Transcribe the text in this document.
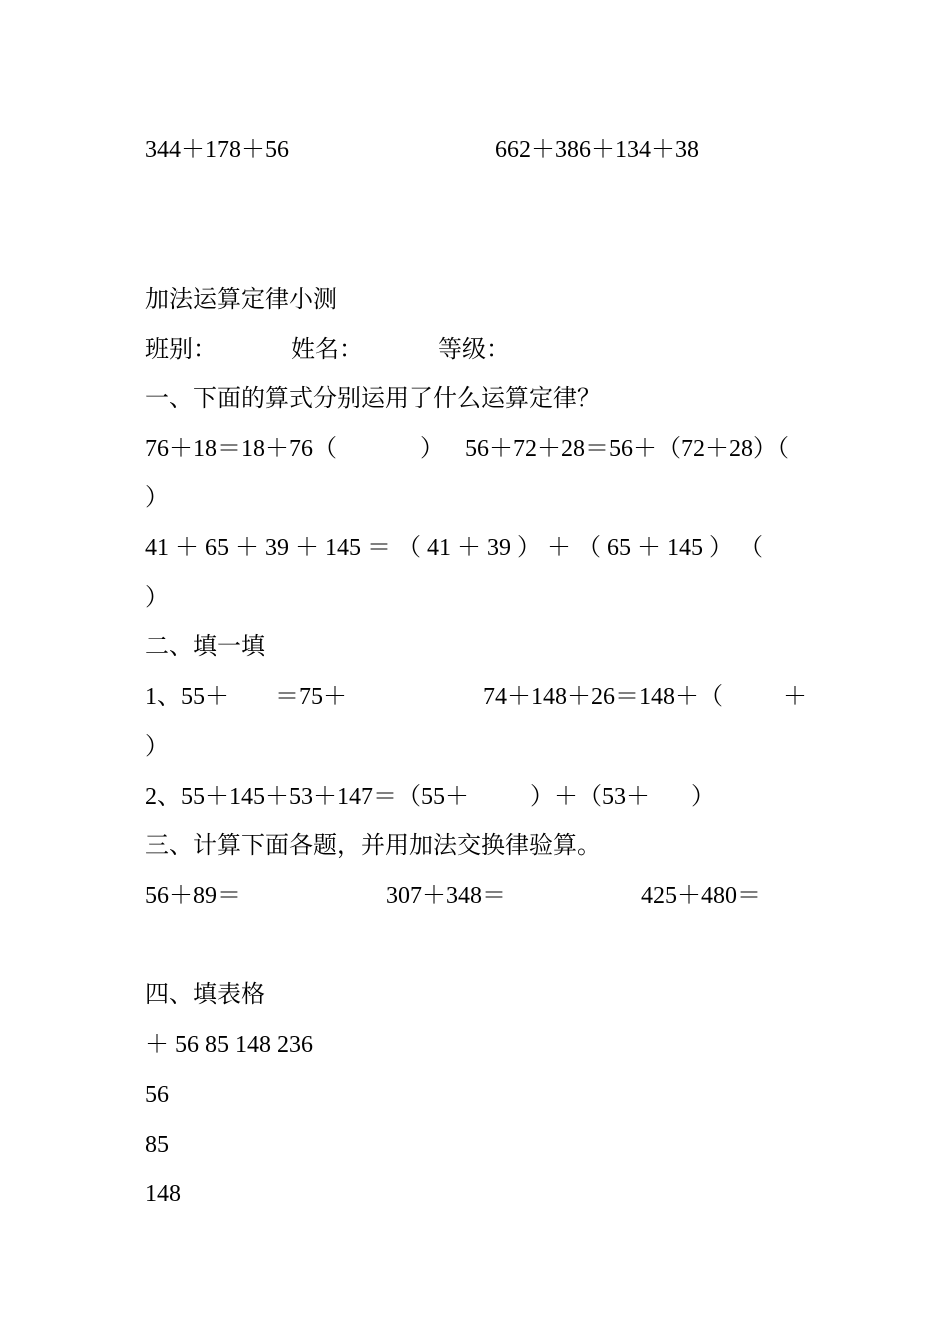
344＋178＋56

	662＋386＋134＋38

加法运算定律小测

班别：

	姓名：

	等级：

一、下面的算式分别运用了什么运算定律？

76＋18＝18＋76（

	）

56＋72＋28＝56＋（72＋28）（

）

41 ＋ 65 ＋ 39 ＋ 145 ＝ （ 41 ＋ 39 ） ＋ （ 65 ＋ 145 ） （

）

二、填一填

1、55＋

＝75＋

	74＋148＋26＝148＋（

	＋

）

2、55＋145＋53＋147＝（55＋

	）＋（53＋

）

三、计算下面各题，并用加法交换律验算。

56＋89＝

	307＋348＝

	425＋480＝

四、填表格

＋ 56 85 148 236

56

85

148
